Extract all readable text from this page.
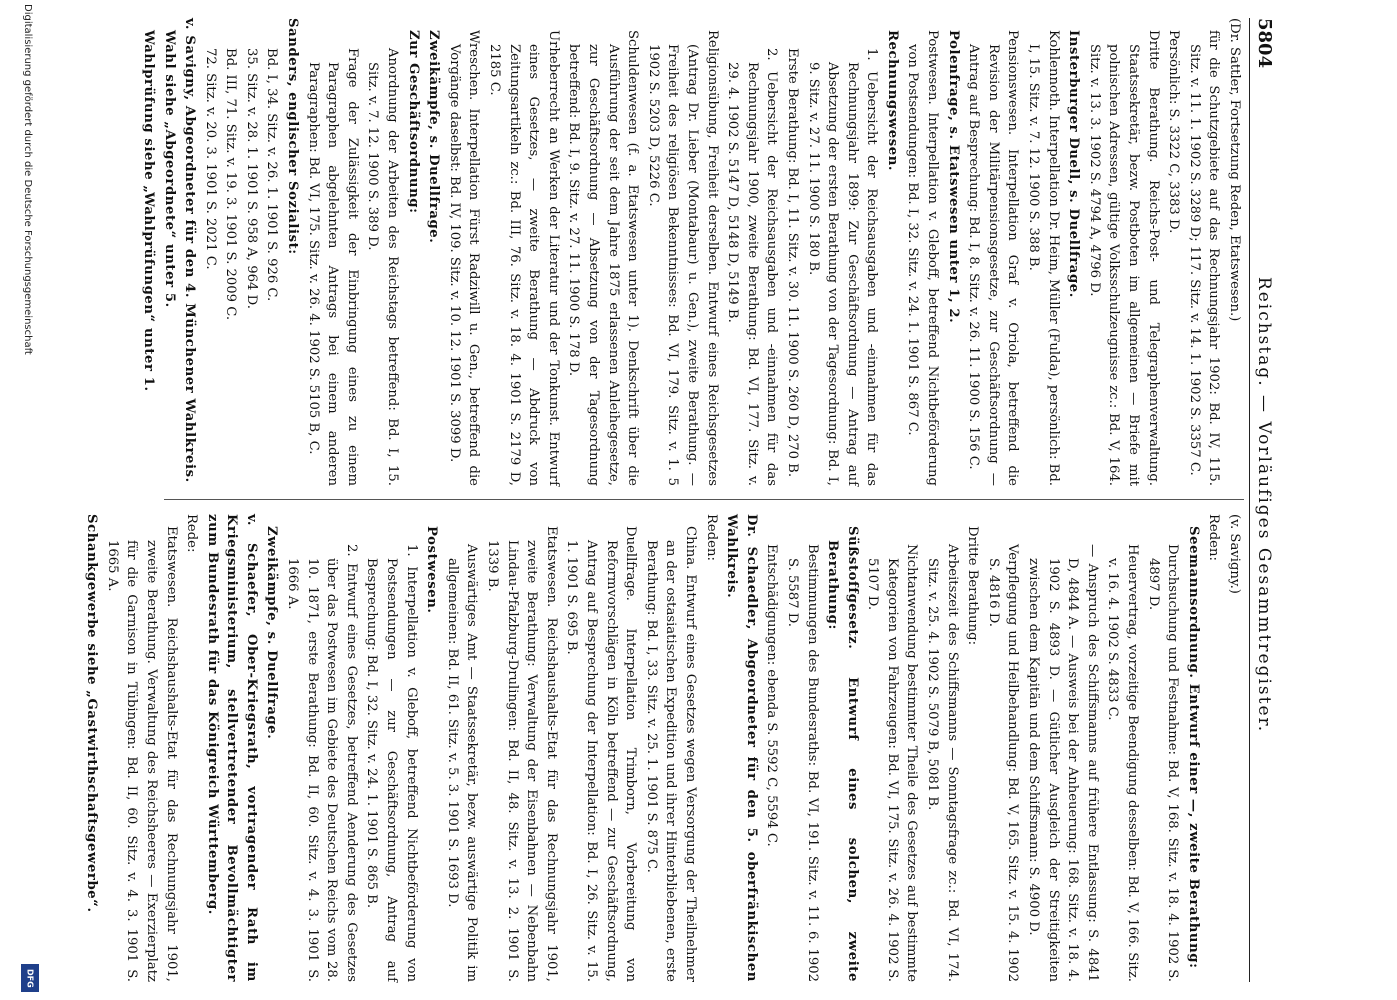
Digitalisierung gefördert durch die Deutsche Forschungsgemeinschaft
DFG
5804
Reichstag. — Vorläufiges Gesammtregister.

(Dr. Sattler, Fortsetzung Reden, Etatswesen.)

für die Schutzgebiete auf das Rechnungsjahr 1902: Bd. IV, 115. Sitz. v. 11. 1. 1902 S. 3289 D; 117. Sitz. v. 14. 1. 1902 S. 3357 C.

Persönlich: S. 3322 C, 3383 D.

Dritte Berathung. Reichs-Post- und Telegraphenverwaltung. Staatssekretär, bezw. Postboten im allgemeinen — Briefe mit polnischen Adressen, gültige Volksschulzeugnisse zc.: Bd. V, 164. Sitz. v. 13. 3. 1902 S. 4794 A, 4796 D.

Insterburger Duell, s. Duellfrage.

Kohlennoth. Interpellation Dr. Heim, Müller (Fulda), persönlich: Bd. I, 15. Sitz. v. 7. 12. 1900 S. 388 B.

Pensionswesen. Interpellation Graf v. Oriola, betreffend die Revision der Militärpensionsgesetze, zur Geschäftsordnung — Antrag auf Besprechung: Bd. I, 8. Sitz. v. 26. 11. 1900 S. 156 C.

Polenfrage, s. Etatswesen unter 1, 2.

Postwesen. Interpellation v. Gleboff, betreffend Nichtbeförderung von Postsendungen: Bd. I, 32. Sitz. v. 24. 1. 1901 S. 867 C.

Rechnungswesen.

1. Uebersicht der Reichsausgaben und -einnahmen für das Rechnungsjahr 1899: Zur Geschäftsordnung — Antrag auf Absetzung der ersten Berathung von der Tagesordnung: Bd. I, 9. Sitz. v. 27. 11. 1900 S. 180 B.

Erste Berathung: Bd. I, 11. Sitz. v. 30. 11. 1900 S. 260 D, 270 B.

2. Uebersicht der Reichsausgaben und -einnahmen für das Rechnungsjahr 1900, zweite Berathung: Bd. VI, 177. Sitz. v. 29. 4. 1902 S. 5147 D, 5148 D, 5149 B.

Religionsübung, Freiheit derselben. Entwurf eines Reichsgesetzes (Antrag Dr. Lieber (Montabaur) u. Gen.), zweite Berathung. — Freiheit des religiösen Bekenntnisses: Bd. VI, 179. Sitz. v. 1. 5 1902 S. 5203 D, 5226 C.

Schuldenwesen (f. a. Etatswesen unter 1). Denkschrift über die Ausführung der seit dem Jahre 1875 erlassenen Anleihegesetze, zur Geschäftsordnung — Absetzung von der Tagesordnung betreffend: Bd. I, 9. Sitz. v. 27. 11. 1900 S. 178 D.

Urheberrecht an Werken der Literatur und der Tonkunst. Entwurf eines Gesetzes, — zweite Berathung — Abdruck von Zeitungsartikeln zc.: Bd. III, 76. Sitz. v. 18. 4. 1901 S. 2179 D, 2185 C.

Wreschen. Interpellation Fürst Radziwill u. Gen., betreffend die Vorgänge daselbst: Bd. IV, 109. Sitz. v. 10. 12. 1901 S. 3099 D.

Zweikämpfe, s. Duellfrage.

Zur Geschäftsordnung:

Anordnung der Arbeiten des Reichstags betreffend: Bd. I, 15. Sitz. v. 7. 12. 1900 S. 389 D.

Frage der Zulässigkeit der Einbringung eines zu einem Paragraphen abgelehnten Antrags bei einem anderen Paragraphen: Bd. VI, 175. Sitz. v. 26. 4. 1902 S. 5105 B, C.

Sanders, englischer Sozialist:

Bd. I, 34. Sitz. v. 26. 1. 1901 S. 926 C.

35. Sitz. v. 28. 1. 1901 S. 958 A, 964 D.

Bd. III, 71. Sitz. v. 19. 3. 1901 S. 2009 C.

72. Sitz. v. 20. 3. 1901 S. 2021 C.

v. Savigny, Abgeordneter für den 4. Münchener Wahlkreis.

Wahl siehe „Abgeordnete“ unter 5.

Wahlprüfung siehe „Wahlprüfungen“ unter 1.

(v. Savigny.)

Reden:

Seemannsordnung. Entwurf einer —, zweite Berathung:

Durchsuchung und Festnahme: Bd. V, 168. Sitz. v. 18. 4. 1902 S. 4897 D.

Heuervertrag, vorzeitige Beendigung desselben: Bd. V, 166. Sitz. v. 16. 4. 1902 S. 4833 C.

— Anspruch des Schiffsmanns auf frühere Entlassung: S. 4841 D, 4844 A. — Ausweis bei der Anheuerung: 168. Sitz. v. 18. 4. 1902 S. 4893 D. — Gütlicher Ausgleich der Streitigkeiten zwischen dem Kapitän und dem Schiffsmann: S. 4900 D.

Verpflegung und Heilbehandlung: Bd. V, 165. Sitz. v. 15. 4. 1902 S. 4816 D.

Dritte Berathung:

Arbeitszeit des Schiffsmanns — Sonntagsfrage zc.: Bd. VI, 174. Sitz. v. 25. 4. 1902 S. 5079 B, 5081 B.

Nichtanwendung bestimmter Theile des Gesetzes auf bestimmte Kategorien von Fahrzeugen: Bd. VI, 175. Sitz. v. 26. 4. 1902 S. 5107 D.

Süßstoffgesetz. Entwurf eines solchen, zweite Berathung:

Bestimmungen des Bundesraths: Bd. VI, 191. Sitz. v. 11. 6. 1902 S. 5587 D.

Entschädigungen: ebenda S. 5592 C, 5594 C.

Dr. Schaedler, Abgeordneter für den 5. oberfränkischen Wahlkreis.

Reden:

China. Entwurf eines Gesetzes wegen Versorgung der Theilnehmer an der ostasiatischen Expedition und ihrer Hinterbliebenen, erste Berathung: Bd. I, 33. Sitz. v. 25. 1. 1901 S. 875 C.

Duellfrage. Interpellation Trimborn, Vorbereitung von Reformvorschlägen in Köln betreffend — zur Geschäftsordnung, Antrag auf Besprechung der Interpellation: Bd. I, 26. Sitz. v. 15. 1. 1901 S. 695 B.

Etatswesen. Reichshaushalts-Etat für das Rechnungsjahr 1901, zweite Berathung: Verwaltung der Eisenbahnen — Nebenbahn Lindau-Pfalzburg-Drulingen: Bd. II, 48. Sitz. v. 13. 2. 1901 S. 1339 B.

Auswärtiges Amt — Staatssekretär, bezw. auswärtige Politik im allgemeinen: Bd. II, 61. Sitz. v. 5. 3. 1901 S. 1693 D.

Postwesen.

1. Interpellation v. Gleboff, betreffend Nichtbeförderung von Postsendungen — zur Geschäftsordnung, Antrag auf Besprechung: Bd. I, 32. Sitz. v. 24. 1. 1901 S. 865 B.

2. Entwurf eines Gesetzes, betreffend Aenderung des Gesetzes über das Postwesen im Gebiete des Deutschen Reichs vom 28. 10. 1871, erste Berathung: Bd. II, 60. Sitz. v. 4. 3. 1901 S. 1666 A.

Zweikämpfe, s. Duellfrage.

v. Schaefer, Ober-Kriegsrath, vortragender Rath im Kriegsministerium, stellvertretender Bevollmächtigter zum Bundesrath für das Königreich Württemberg.

Rede:

Etatswesen. Reichshaushalts-Etat für das Rechnungsjahr 1901, zweite Berathung. Verwaltung des Reichsheeres — Exerzierplatz für die Garnison in Tübingen: Bd. II, 60. Sitz. v. 4. 3. 1901 S. 1665 A.

Schankgewerbe siehe „Gastwirthschaftsgewerbe“.
